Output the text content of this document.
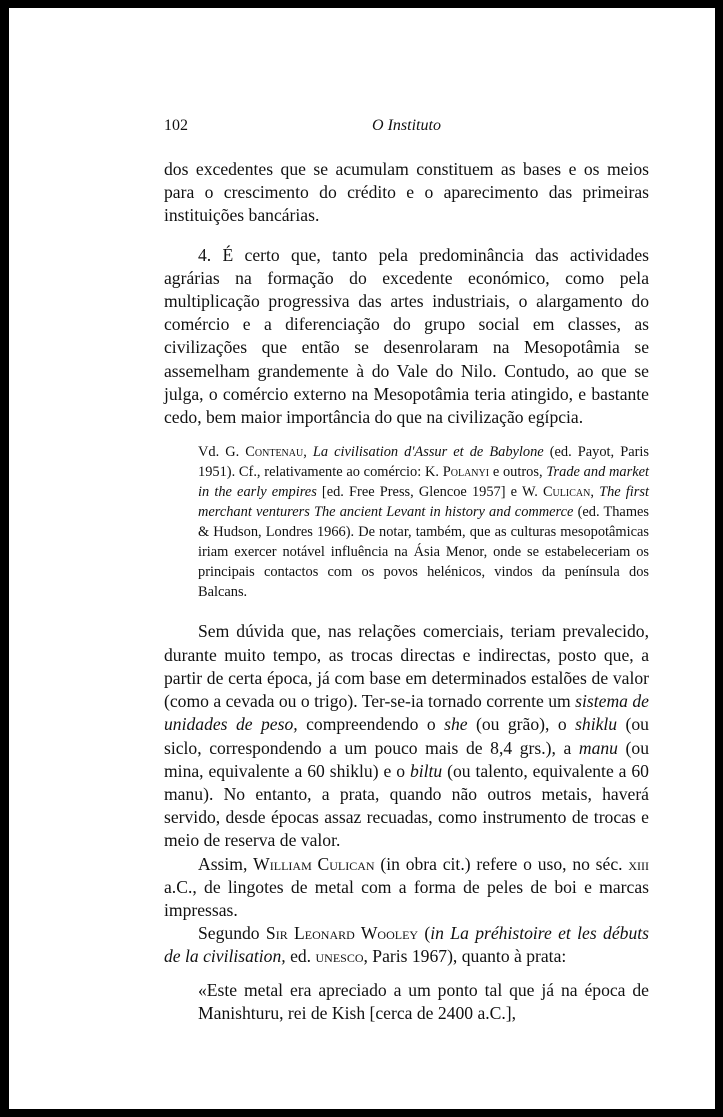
102	O Instituto

dos excedentes que se acumulam constituem as bases e os meios para o crescimento do crédito e o aparecimento das primeiras instituições bancárias.

4. É certo que, tanto pela predominância das actividades agrárias na formação do excedente económico, como pela multiplicação progressiva das artes industriais, o alargamento do comércio e a diferenciação do grupo social em classes, as civilizações que então se desenrolaram na Mesopotâmia se assemelham grandemente à do Vale do Nilo. Contudo, ao que se julga, o comércio externo na Mesopotâmia teria atingido, e bastante cedo, bem maior importância do que na civilização egípcia.

Vd. G. Contenau, La civilisation d'Assur et de Babylone (ed. Payot, Paris 1951). Cf., relativamente ao comércio: K. Polanyi e outros, Trade and market in the early empires [ed. Free Press, Glencoe 1957] e W. Culican, The first merchant venturers The ancient Levant in history and commerce (ed. Thames & Hudson, Londres 1966). De notar, também, que as culturas mesopotâmicas iriam exercer notável influência na Ásia Menor, onde se estabeleceriam os principais contactos com os povos helénicos, vindos da península dos Balcans.

Sem dúvida que, nas relações comerciais, teriam prevalecido, durante muito tempo, as trocas directas e indirectas, posto que, a partir de certa época, já com base em determinados estalões de valor (como a cevada ou o trigo). Ter-se-ia tornado corrente um sistema de unidades de peso, compreendendo o she (ou grão), o shiklu (ou siclo, correspondendo a um pouco mais de 8,4 grs.), a manu (ou mina, equivalente a 60 shiklu) e o biltu (ou talento, equivalente a 60 manu). No entanto, a prata, quando não outros metais, haverá servido, desde épocas assaz recuadas, como instrumento de trocas e meio de reserva de valor.

Assim, William Culican (in obra cit.) refere o uso, no séc. xiii a.C., de lingotes de metal com a forma de peles de boi e marcas impressas.

Segundo Sir Leonard Wooley (in La préhistoire et les débuts de la civilisation, ed. unesco, Paris 1967), quanto à prata:

«Este metal era apreciado a um ponto tal que já na época de Manishturu, rei de Kish [cerca de 2400 a.C.],
